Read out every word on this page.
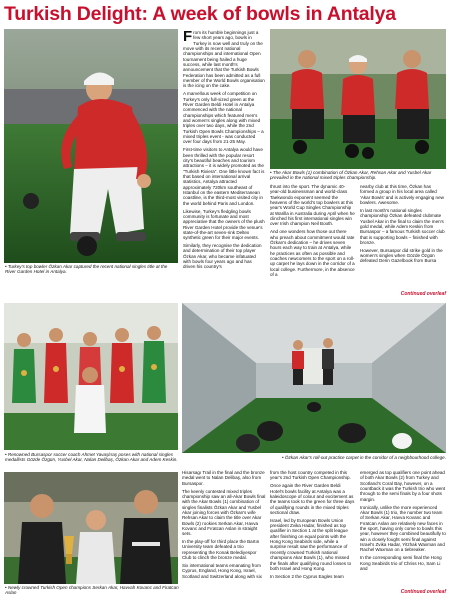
Turkish Delight: A week of bowls in Antalya
• Turkey's top bowler Özkan Akar captured the recent national singles title at the River Garden Hotel in Antalya.

From its humble beginnings just a few short years ago, bowls in Turkey is now well and truly on the move with its recent national championships and international Open tournament being hailed a huge success, while last month's announcement that the Turkish Bowls Federation has been admitted as a full member of the World Bowls organisation is the icing on the cake.

A marvellous week of competition on Turkey's only full-sized green at the River Garden Beldi Hotel in Antalya commenced with the national championships which featured men's and women's singles along with mixed triples over two days, while the 2nd Turkish Open Bowls Championships – a mixed triples event - was conducted over four days from 21-25 May.

First-time visitors to Antalya would have been thrilled with the popular resort city's beautiful beaches and tourism attractions – it is widely promoted as the "Turkish Riviera". One little known fact is that based on international arrival statistics, Antalya attracted approximately 720km southeast of Istanbul on the eastern Mediterranean coastline, is the third-most visited city in the world behind Paris and London.

Likewise, Turkey's fledgling bowls community is fortunate and most appreciative that the owners of the plush River Garden Hotel provide the venue's state-of-the-art seven-rink Deltex synthetic green for their major events.

Similarly, they recognise the dedication and determination of their top player Özkan Akar, who became infatuated with bowls four years ago and has driven his country's

• The Akar Bowls (1) combination of Özkan Akar, Rehsan Akar and Yusbel Akar prevailed in the national mixed triples championship.

thrust into the sport. The dynamic 40-year-old businessman and world-class Taekwondo exponent seemed the heavens of the world's top bowlers at this year's World Cup Singles Championship at Warilla in Australia during April when he clinched his first international singles win over Irish champion Neil Booth.

And one wonders how those out there who preach about commitment would rate Özkan's dedication – he drives seven hours each way to train at Antalya, while he practices as often as possible and coaches newcomers to the sport on a roll-up carpet he lays down in the corridor of a local college. Furthermore, in the absence of a

nearby club at this time, Özkan has formed a group in his local area called 'Akar Bowls' and is actively engaging new bowlers. Awesome.

In last month's national singles championship Özkan defeated clubmate Yusbel Akar in the final to claim the men's gold medal, while Adem Keskin from Bursaspor – a famous Turkish soccer club that is supporting bowls – finished with bronze.

However, Bursaspor did strike gold in the women's singles when Gözde Özgün defeated Derin Gazelbook from Bursa

Continued overleaf
• Renowned Bursaspor soccer coach Ahmet Yavaşlıraş poses with national singles medallists Gözde Özgün, Yusbel Akar, Nalan Delibaş, Özkan Akar and Adem Keskin.	• Özkan Akar's roll-out practice carpet in the corridor of a neighbourhood college.
• Newly crowned Turkish Open champions Serkan Akar, Havvah Kovanc and Firatcan Aslan

Hisarsagı Trail in the final and the bronze medal went to Nalan Delibaş, also from Bursaspor.

The keenly contested mixed triples championship saw an all-Akar Bowls final with the Akar Bowls (1) combination of singles finalists Özkan Akar and Yusbel Akar joining forces with Özkan's wife Rehsan Akar to claim the title over Akar Bowls (2) rookies Serkan Akar, Havva Kovanc and Fıratcan Aslan in straight sets.

In the play-off for third place the Bartın University team defeated a trio representing the Konak Belediyespor Club to clinch the bronze medal.

Six international teams emanating from Cyprus, England, Hong Kong, Israel, Scotland and Switzerland along with six

from the host country competed in this year's 2nd Turkish Open Championship.

Once again the River Garden Beldi Hotel's bowls facility at Antalya was a kaleidoscope of colour and excitement as the teams took to the green for three days of qualifying rounds in the mixed triples sectional draw.

Israel, led by European Bowls Union president Zvika Hadar, finished as top qualifier in Section 1 at the split league after finishing on equal points with the Hong Kong Seabirds side, while a surprise result saw the performance of recently crowned Turkish national champions Akar Bowls (1), who missed the finals after qualifying round losses to both Israel and Hong Kong.

In Section 2 the Cyprus Eagles team

emerged as top qualifiers one point ahead of both Akar Bowls (2) from Turkey and Scotland's Coral Bay, however, on a countback it was the Turkish trio who went through to the semi finals by a four shots margin.

Ironically, unlike the more experienced Akar Bowls (1) trio, the number two team of Serkan Akar, Havva Kovanc and Fıratcan Aslan are relatively new faces in the sport, having only come to bowls this year, however they combined beautifully to win a closely fought semi final against Israel's Zvika Hadar, Yitzhak Waxman and Rachel Waxman on a tiebreaker.

In the corresponding semi final the Hong Kong Seabirds trio of Chriss Ho, Sam Li and

Continued overleaf
